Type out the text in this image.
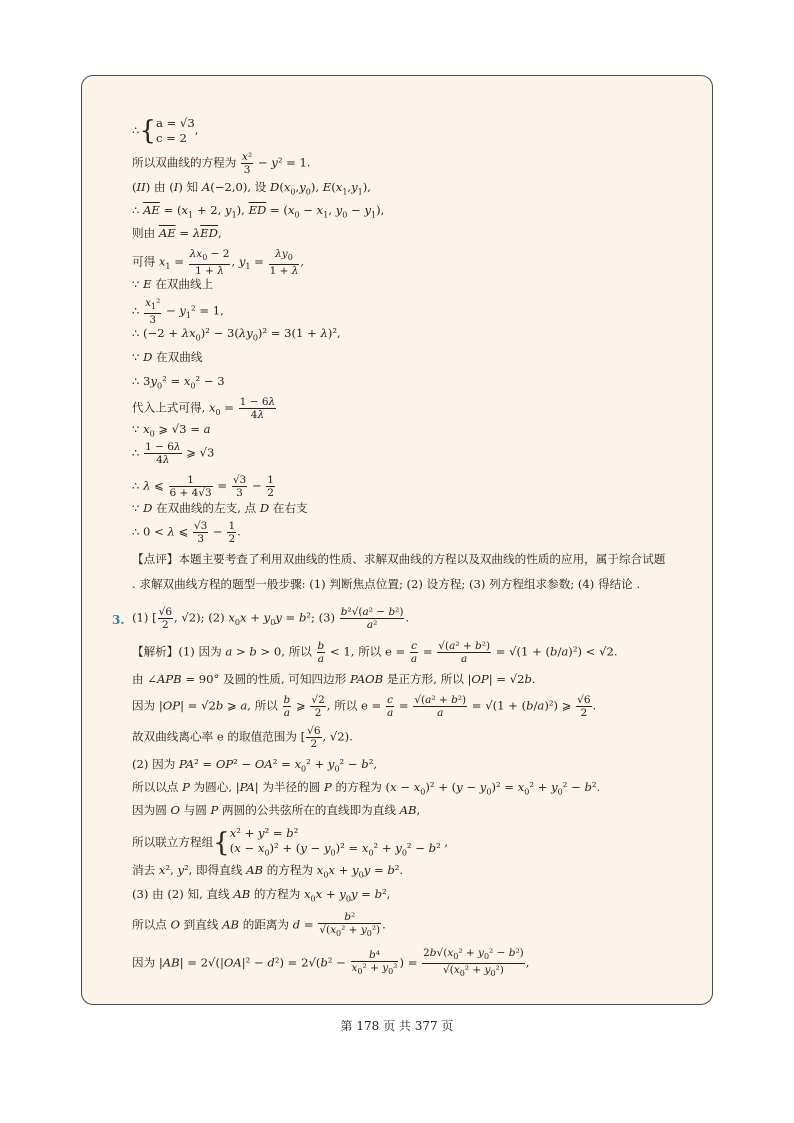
∴{ a = √3
c = 2
,
所以双曲线的方程为 $\frac{\text{x²}}{3} - y^2 = 1$.
(II) 由 (I) 知 A(−2,0), 设 $D(x_0,y_0)$, $E(x_1,y_1)$,
∴ $\overline{AE} = (x_1 + 2$, $y_1$), $\overline{ED} = (x_0 - x_1$, $y_0 - y_1$),
则由 $\overline{AE} = \lambda\overline{ED}$,
可得 $x_1 = \frac{\lambda x_0 - 2}{1 + \lambda}$ , $y_1 = \frac{\lambda y_0}{1 + \lambda}$ ,
∵ E 在双曲线上
∴ $\frac{x_1^2}{3} - y_1^2 = 1$,
∴ $(-2 + \lambda x_0)^2 - 3(\lambda y_0)^2 = 3(1 + \lambda)^2$,
∵ D 在双曲线
∴ $3y_0^2 = x_0^2 - 3$
代入上式可得, $x_0 = \frac{1 - 6\lambda}{4\lambda}$
∵ $x_0$ ⩾ √3 = a
∴ $\frac{1 - 6\lambda}{4\lambda}$ ⩾ √3
∴ λ ⩽ $\frac{1}{6 + 4√3} = \frac{√3}{3} - \frac{1}{2}$
∵ D 在双曲线的左支, 点 D 在右支
∴ 0 < λ ⩽ $\frac{√3}{3} - \frac{1}{2}$ .
【点评】本题主要考查了利用双曲线的性质、求解双曲线的方程以及双曲线的性质的应用，属于综合试题
. 求解双曲线方程的题型一般步骤: (1) 判断焦点位置; (2) 设方程; (3) 列方程组求参数; (4) 得结论 .
3. (1) [ $\frac{√6}{2}$ , √2); (2) $x_0x + y_0y = b^2$; $(3) \frac{\text{b²√(a² − b²)}}{\text{a²}}$ .
【解析】(1) 因为 a > b > 0, 所以 $\frac{b}{a} < 1$, 所以 $e = \frac{c}{a} = \frac{\text{√(a² + b²)}}{a} = √(1 + (b/a)^2) < √2$.
由 ∠APB = 90° 及圆的性质, 可知四边形 PAOB 是正方形, 所以 |OP| = √2b.
因为 |OP| = √2b ⩾ a, 所以 $\frac{b}{a}$ ⩾ $\frac{√2}{2}$ , 所以 $e = \frac{c}{a} = \frac{\text{√(a² + b²)}}{a} = √(1 + (b/a)^2)$ ⩾ $\frac{√6}{2}$ .
故双曲线离心率 e 的取值范围为 [ $\frac{√6}{2}$ , √2).
(2) 因为 $PA^2 = OP^2 - OA^2 = x_0^2 + y_0^2 - b^2$,
所以以点 P 为圆心, |PA| 为半径的圆 P 的方程为 $(x - x_0)^2 + (y - y_0)^2 = x_0^2 + y_0^2 - b^2$.
因为圆 O 与圆 P 两圆的公共弦所在的直线即为直线 AB,
所以联立方程组{ x² + y² = b²
$(x - x_0)^2 + (y - y_0)^2 = x_0^2 + y_0^2 - b^2$ ,
消去 x², y², 即得直线 AB 的方程为 $x_0x + y_0y = b^2$.
(3) 由 (2) 知, 直线 AB 的方程为 $x_0x + y_0y = b^2$,
所以点 O 到直线 AB 的距离为 $d = \frac{\text{b²}}{√(x_0^2 + y_0^2)}$ .
因为 $|AB| = 2√(|OA|^2 - d^2) = 2√(b^2 - \frac{\text{b⁴}}{x_0^2 + y_0^2}$ ) = $\frac{2b√(x_0^2 + y_0^2 - b^2)}{√(x_0^2 + y_0^2)}$ ,
第 178 页 共 377 页
